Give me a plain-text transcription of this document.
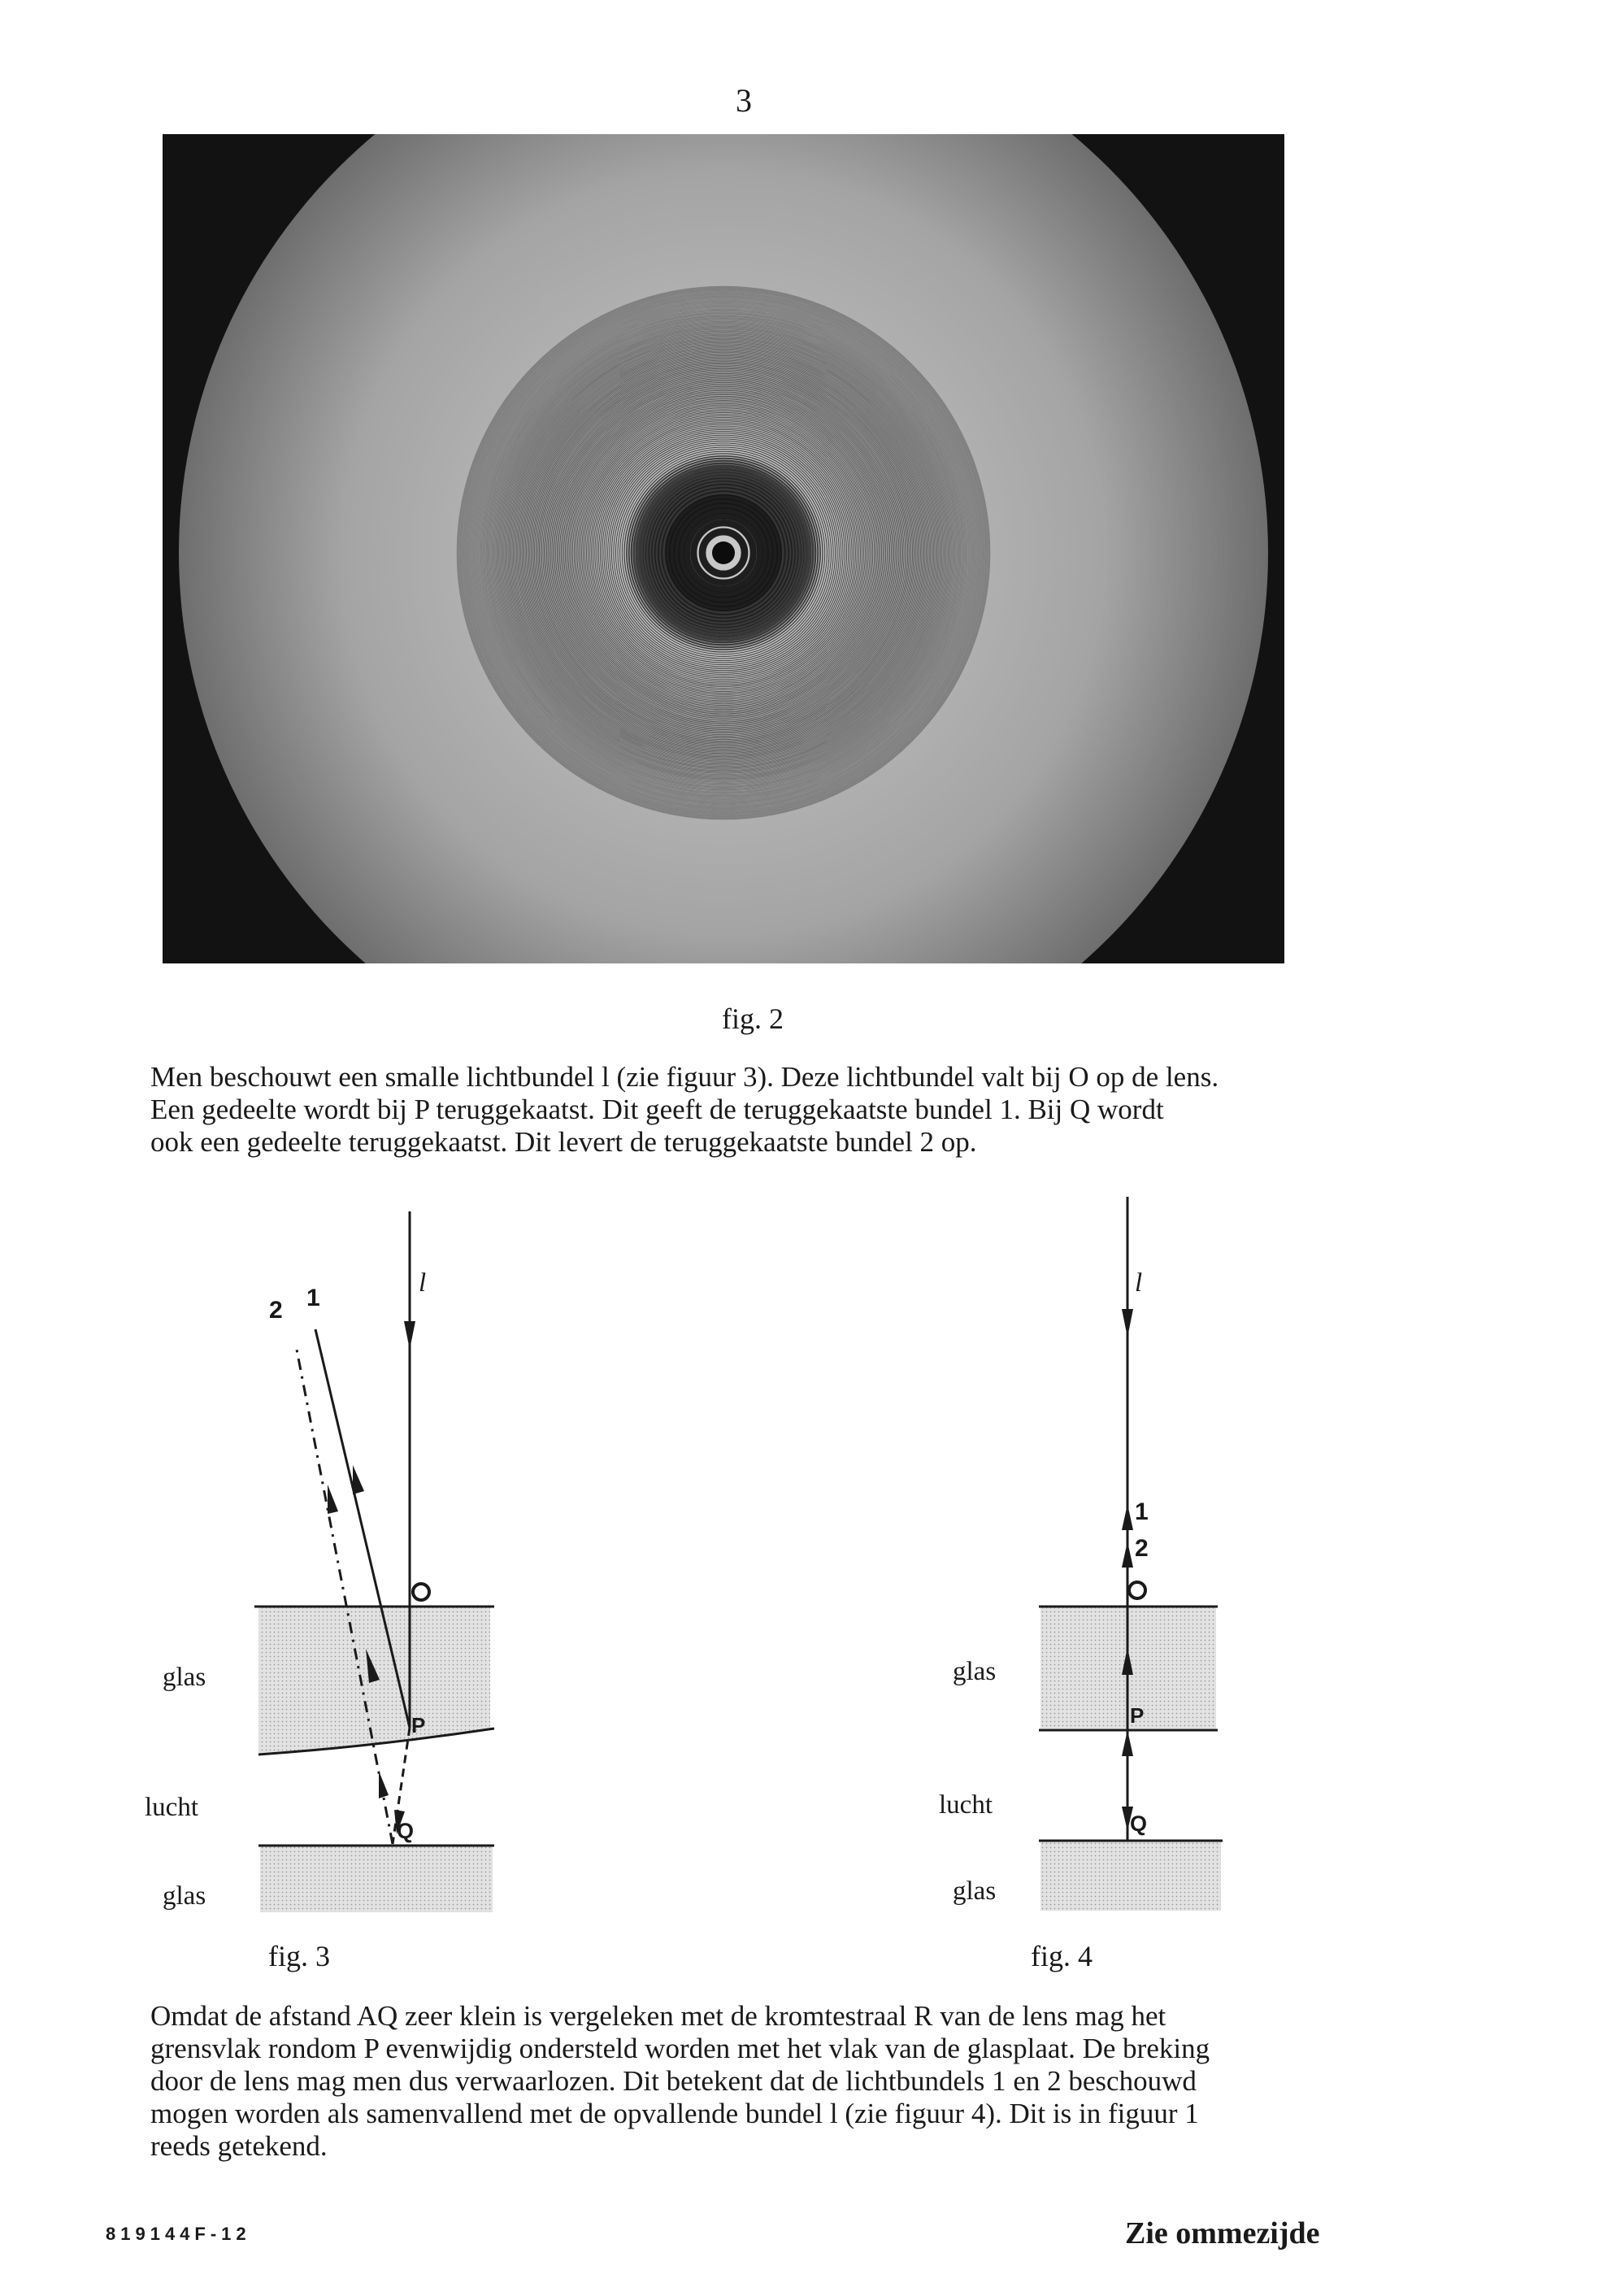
3
fig. 2

Men beschouwt een smalle lichtbundel l (zie figuur 3). Deze lichtbundel valt bij O op de lens.

Een gedeelte wordt bij P teruggekaatst. Dit geeft de teruggekaatste bundel 1. Bij Q wordt

ook een gedeelte teruggekaatst. Dit levert de teruggekaatste bundel 2 op.

glas
lucht
glas
l
2 1
P
Q
fig. 3
glas
lucht
glas
l
1
2
P
Q
fig. 4

Omdat de afstand AQ zeer klein is vergeleken met de kromtestraal R van de lens mag het

grensvlak rondom P evenwijdig ondersteld worden met het vlak van de glasplaat. De breking

door de lens mag men dus verwaarlozen. Dit betekent dat de lichtbundels 1 en 2 beschouwd

mogen worden als samenvallend met de opvallende bundel l (zie figuur 4). Dit is in figuur 1

reeds getekend.

819144F-12	Zie ommezijde
